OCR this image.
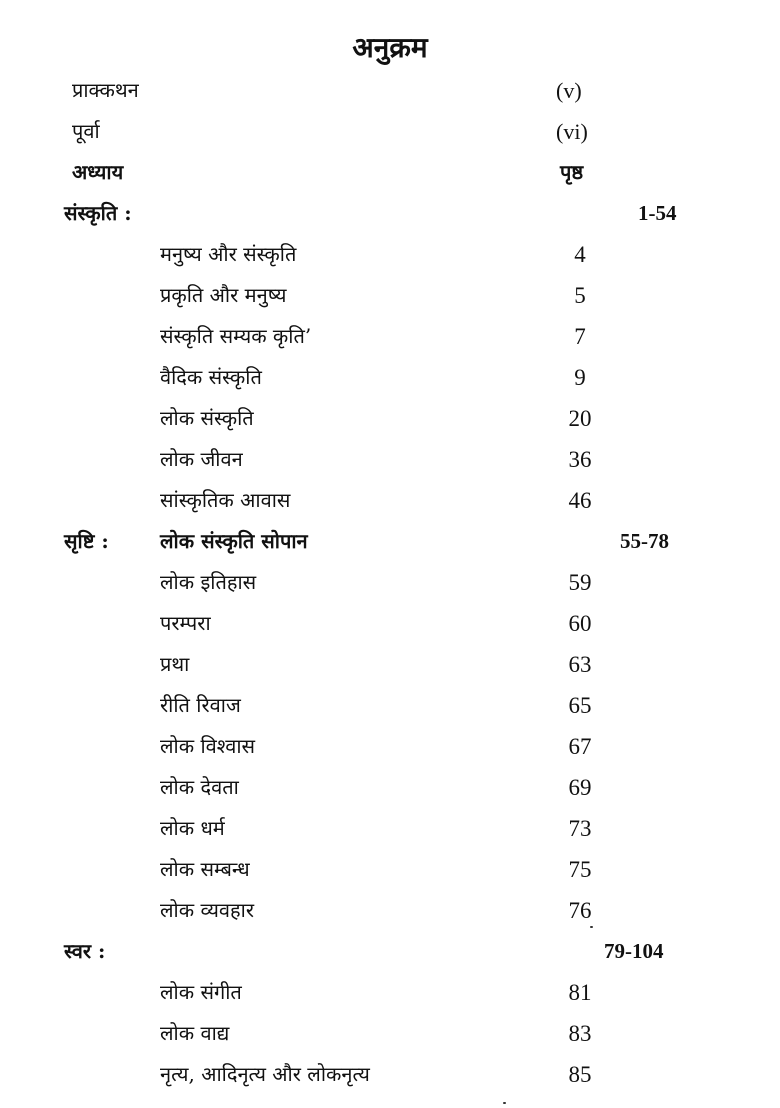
अनुक्रम
प्राक्कथन	(v)
पूर्वा	(vi)
अध्याय	पृष्ठ
संस्कृति :	1-54
मनुष्य और संस्कृति	4
प्रकृति और मनुष्य	5
संस्कृति सम्यक कृति’	7
वैदिक संस्कृति	9
लोक संस्कृति	20
लोक जीवन	36
सांस्कृतिक आवास	46
सृष्टि :	लोक संस्कृति सोपान	55-78
लोक इतिहास	59
परम्परा	60
प्रथा	63
रीति रिवाज	65
लोक विश्वास	67
लोक देवता	69
लोक धर्म	73
लोक सम्बन्ध	75
लोक व्यवहार	76
स्वर :	79-104
लोक संगीत	81
लोक वाद्य	83
नृत्य, आदिनृत्य और लोकनृत्य	85
